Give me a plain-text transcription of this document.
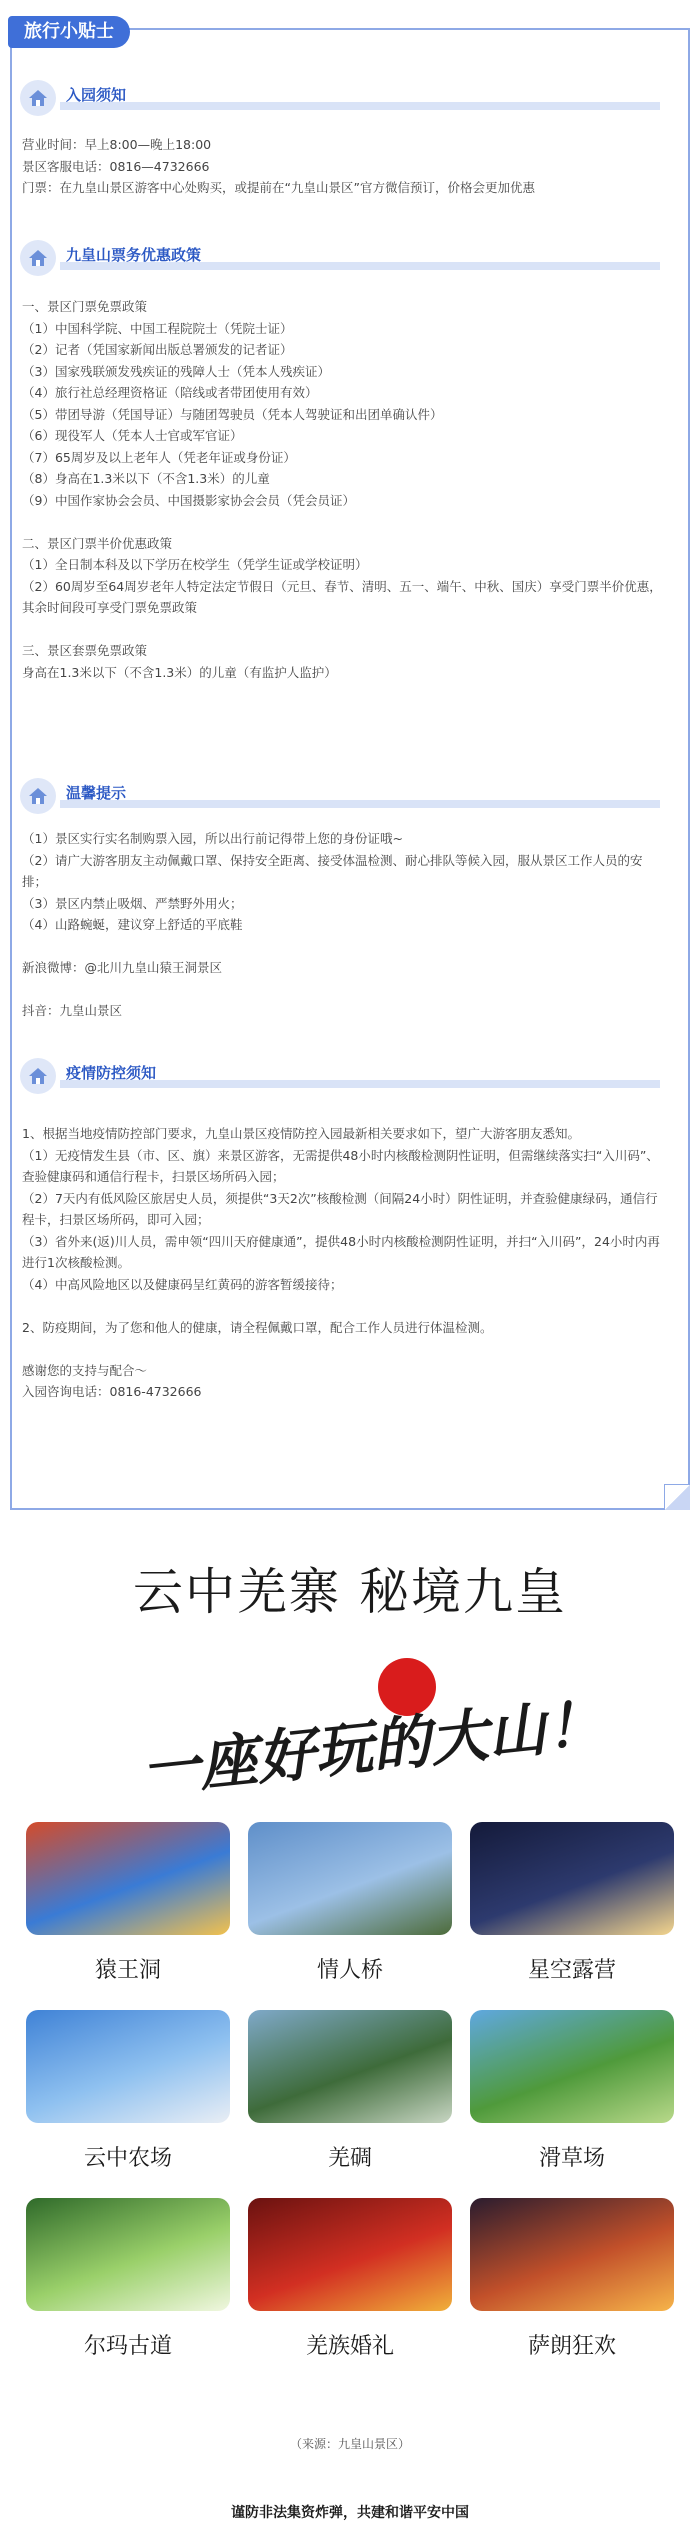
旅行小贴士
入园须知

营业时间：早上8:00—晚上18:00

景区客服电话：0816—4732666

门票：在九皇山景区游客中心处购买，或提前在“九皇山景区”官方微信预订，价格会更加优惠

九皇山票务优惠政策

一、景区门票免票政策

（1）中国科学院、中国工程院院士（凭院士证）

（2）记者（凭国家新闻出版总署颁发的记者证）

（3）国家残联颁发残疾证的残障人士（凭本人残疾证）

（4）旅行社总经理资格证（陪线或者带团使用有效）

（5）带团导游（凭国导证）与随团驾驶员（凭本人驾驶证和出团单确认件）

（6）现役军人（凭本人士官或军官证）

（7）65周岁及以上老年人（凭老年证或身份证）

（8）身高在1.3米以下（不含1.3米）的儿童

（9）中国作家协会会员、中国摄影家协会会员（凭会员证）

二、景区门票半价优惠政策

（1）全日制本科及以下学历在校学生（凭学生证或学校证明）

（2）60周岁至64周岁老年人特定法定节假日（元旦、春节、清明、五一、端午、中秋、国庆）享受门票半价优惠，其余时间段可享受门票免票政策

三、景区套票免票政策

身高在1.3米以下（不含1.3米）的儿童（有监护人监护）

温馨提示

（1）景区实行实名制购票入园，所以出行前记得带上您的身份证哦~

（2）请广大游客朋友主动佩戴口罩、保持安全距离、接受体温检测、耐心排队等候入园，服从景区工作人员的安排；

（3）景区内禁止吸烟、严禁野外用火；

（4）山路蜿蜒，建议穿上舒适的平底鞋

新浪微博：@北川九皇山猿王洞景区

抖音：九皇山景区

疫情防控须知

1、根据当地疫情防控部门要求，九皇山景区疫情防控入园最新相关要求如下，望广大游客朋友悉知。

（1）无疫情发生县（市、区、旗）来景区游客，无需提供48小时内核酸检测阴性证明，但需继续落实扫“入川码”、查验健康码和通信行程卡，扫景区场所码入园；

（2）7天内有低风险区旅居史人员，须提供“3天2次”核酸检测（间隔24小时）阴性证明，并查验健康绿码，通信行程卡，扫景区场所码，即可入园；

（3）省外来(返)川人员，需申领“四川天府健康通”，提供48小时内核酸检测阴性证明，并扫“入川码”，24小时内再进行1次核酸检测。

（4）中高风险地区以及健康码呈红黄码的游客暂缓接待；

2、防疫期间，为了您和他人的健康，请全程佩戴口罩，配合工作人员进行体温检测。

感谢您的支持与配合～

入园咨询电话：0816-4732666

云中羌寨 秘境九皇
一座好玩的大山！
猿王洞	情人桥	星空露营
云中农场	羌碉	滑草场
尔玛古道	羌族婚礼	萨朗狂欢
（来源：九皇山景区）
谨防非法集资炸弹，共建和谐平安中国
